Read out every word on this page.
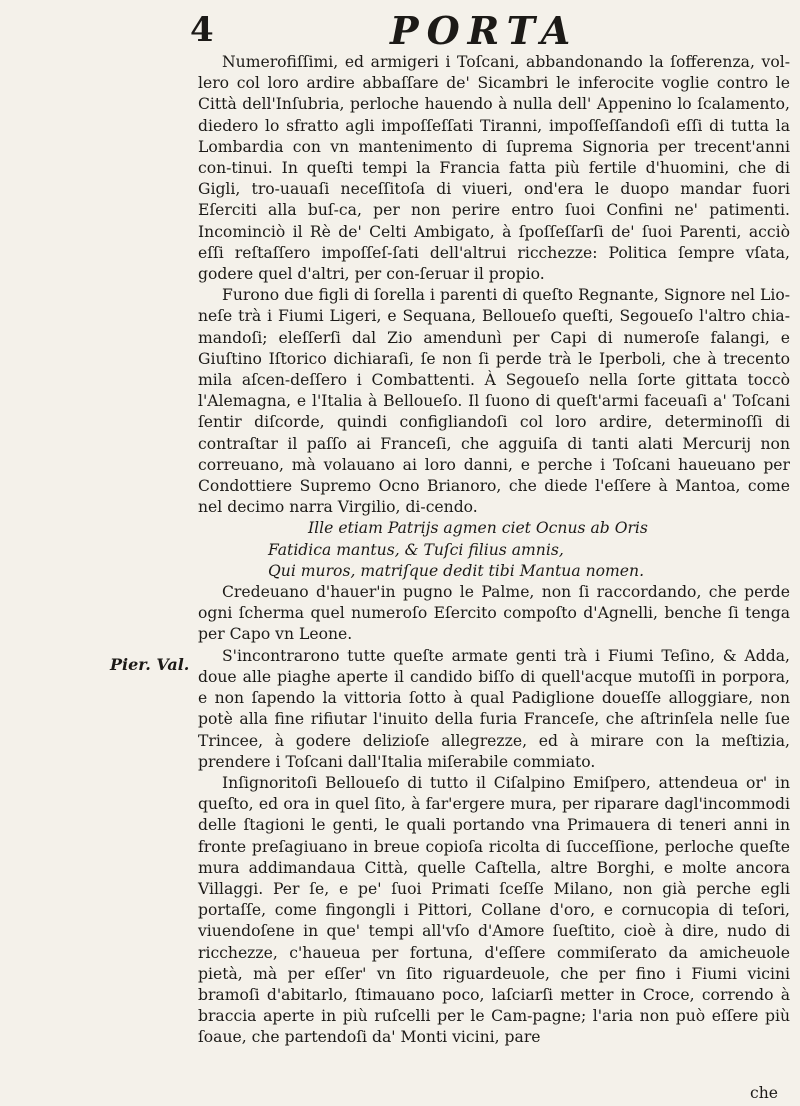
4	PORTA
Pier. Val.

Numerofiſſimi, ed armigeri i Toſcani, abbandonando la ſofferenza, vol-lero col loro ardire abbaſſare de' Sicambri le inferocite voglie contro le Città dell'Inſubria, perloche hauendo à nulla dell' Appenino lo ſcalamento, diedero lo sfratto agli impoſſeſſati Tiranni, impoſſeſſandoſi eſſi di tutta la Lombardia con vn mantenimento di ſuprema Signoria per trecent'anni con-tinui. In queſti tempi la Francia fatta più fertile d'huomini, che di Gigli, tro-uauaſi neceſſitoſa di viueri, ond'era le duopo mandar fuori Eſerciti alla buſ-ca, per non perire entro ſuoi Confini ne' patimenti. Incominciò il Rè de' Celti Ambigato, à ſpoſſeſſarſi de' ſuoi Parenti, acciò eſſi reſtaſſero impoſſeſ-ſati dell'altrui ricchezze: Politica ſempre vſata, godere quel d'altri, per con-ſeruar il propio.

Furono due figli di ſorella i parenti di queſto Regnante, Signore nel Lio-neſe trà i Fiumi Ligeri, e Sequana, Belloueſo queſti, Segoueſo l'altro chia-mandoſi; eleſſerſi dal Zio amendunì per Capi di numeroſe falangi, e Giuſtino Iſtorico dichiaraſi, ſe non ſi perde trà le Iperboli, che à trecento mila aſcen-deſſero i Combattenti. À Segoueſo nella ſorte gittata toccò l'Alemagna, e l'Italia à Belloueſo. Il ſuono di queſt'armi faceuaſi a' Toſcani ſentir diſcorde, quindi configliandoſi col loro ardire, determinoſſi di contraſtar il paſſo ai Franceſi, che agguiſa di tanti alati Mercurij non correuano, mà volauano ai loro danni, e perche i Toſcani haueuano per Condottiere Supremo Ocno Brianoro, che diede l'eſſere à Mantoa, come nel decimo narra Virgilio, di-cendo.

Ille etiam Patrijs agmen ciet Ocnus ab Oris

Fatidica mantus, & Tuſci filius amnis,

Qui muros, matriſque dedit tibi Mantua nomen.

Credeuano d'hauer'in pugno le Palme, non ſi raccordando, che perde ogni ſcherma quel numeroſo Eſercito compoſto d'Agnelli, benche ſi tenga per Capo vn Leone.

S'incontrarono tutte queſte armate genti trà i Fiumi Teſino, & Adda, doue alle piaghe aperte il candido biſſo di quell'acque mutoſſi in porpora, e non ſapendo la vittoria ſotto à qual Padiglione doueſſe alloggiare, non potè alla fine rifiutar l'inuito della furia Franceſe, che aſtrinſela nelle ſue Trincee, à godere delizioſe allegrezze, ed à mirare con la meſtizia, prendere i Toſcani dall'Italia miſerabile commiato.

Inſignoritoſi Belloueſo di tutto il Ciſalpino Emiſpero, attendeua or' in queſto, ed ora in quel ſito, à far'ergere mura, per riparare dagl'incommodi delle ſtagioni le genti, le quali portando vna Primauera di teneri anni in fronte preſagiuano in breue copioſa ricolta di ſucceſſione, perloche queſte mura addimandaua Città, quelle Caſtella, altre Borghi, e molte ancora Villaggi. Per ſe, e pe' ſuoi Primati ſceſſe Milano, non già perche egli portaſſe, come fingongli i Pittori, Collane d'oro, e cornucopia di teſori, viuendoſene in que' tempi all'vſo d'Amore ſueſtito, cioè à dire, nudo di ricchezze, c'haueua per fortuna, d'eſſere commiſerato da amicheuole pietà, mà per eſſer' vn ſito riguardeuole, che per fino i Fiumi vicini bramoſi d'abitarlo, ſtimauano poco, laſciarſi metter in Croce, correndo à braccia aperte in più ruſcelli per le Cam-pagne; l'aria non può eſſere più ſoaue, che partendoſi da' Monti vicini, pare

che
